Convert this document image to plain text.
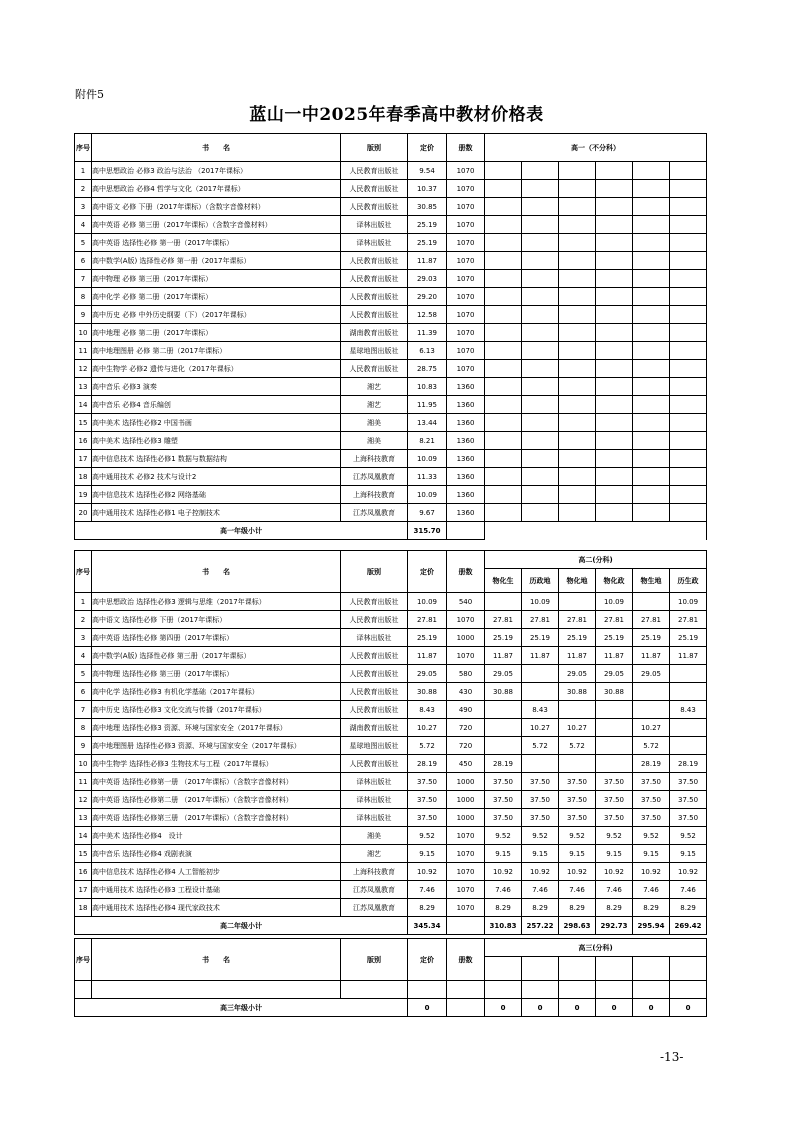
附件5
蓝山一中2025年春季高中教材价格表
序号	书　　名	版别	定价	册数	高一（不分科）					
1	高中思想政治 必修3 政治与法治 （2017年课标）	人民教育出版社	9.54	1070						
2	高中思想政治 必修4 哲学与文化（2017年课标）	人民教育出版社	10.37	1070						
3	高中语文 必修 下册（2017年课标）（含数字音像材料）	人民教育出版社	30.85	1070						
4	高中英语 必修 第三册（2017年课标）（含数字音像材料）	译林出版社	25.19	1070						
5	高中英语 选择性必修 第一册（2017年课标）	译林出版社	25.19	1070						
6	高中数学(A版) 选择性必修 第一册（2017年课标）	人民教育出版社	11.87	1070						
7	高中物理 必修 第三册（2017年课标）	人民教育出版社	29.03	1070						
8	高中化学 必修 第二册（2017年课标）	人民教育出版社	29.20	1070						
9	高中历史 必修 中外历史纲要（下）（2017年课标）	人民教育出版社	12.58	1070						
10	高中地理 必修 第二册（2017年课标）	湖南教育出版社	11.39	1070						
11	高中地理图册 必修 第二册（2017年课标）	星球地图出版社	6.13	1070						
12	高中生物学 必修2 遗传与进化（2017年课标）	人民教育出版社	28.75	1070						
13	高中音乐 必修3 演奏	湘艺	10.83	1360						
14	高中音乐 必修4 音乐编创	湘艺	11.95	1360						
15	高中美术 选择性必修2 中国书画	湘美	13.44	1360						
16	高中美术 选择性必修3 雕塑	湘美	8.21	1360						
17	高中信息技术 选择性必修1 数据与数据结构	上海科技教育	10.09	1360						
18	高中通用技术 必修2 技术与设计2	江苏凤凰教育	11.33	1360						
19	高中信息技术 选择性必修2 网络基础	上海科技教育	10.09	1360						
20	高中通用技术 选择性必修1 电子控制技术	江苏凤凰教育	9.67	1360						
高一年级小计			315.70							
序号	书　　名	版别	定价	册数	高二(分科)					
					物化生	历政地	物化地	物化政	物生地	历生政
1	高中思想政治 选择性必修3 逻辑与思维（2017年课标）	人民教育出版社	10.09	540		10.09		10.09		10.09
2	高中语文 选择性必修 下册（2017年课标）	人民教育出版社	27.81	1070	27.81	27.81	27.81	27.81	27.81	27.81
3	高中英语 选择性必修 第四册（2017年课标）	译林出版社	25.19	1000	25.19	25.19	25.19	25.19	25.19	25.19
4	高中数学(A版) 选择性必修 第三册（2017年课标）	人民教育出版社	11.87	1070	11.87	11.87	11.87	11.87	11.87	11.87
5	高中物理 选择性必修 第三册（2017年课标）	人民教育出版社	29.05	580	29.05		29.05	29.05	29.05	
6	高中化学 选择性必修3 有机化学基础（2017年课标）	人民教育出版社	30.88	430	30.88		30.88	30.88		
7	高中历史 选择性必修3 文化交流与传播（2017年课标）	人民教育出版社	8.43	490		8.43				8.43
8	高中地理 选择性必修3 资源、环境与国家安全（2017年课标）	湖南教育出版社	10.27	720		10.27	10.27		10.27	
9	高中地理图册 选择性必修3 资源、环境与国家安全（2017年课标）	星球地图出版社	5.72	720		5.72	5.72		5.72	
10	高中生物学 选择性必修3 生物技术与工程（2017年课标）	人民教育出版社	28.19	450	28.19				28.19	28.19
11	高中英语 选择性必修第一册 （2017年课标）（含数字音像材料）	译林出版社	37.50	1000	37.50	37.50	37.50	37.50	37.50	37.50
12	高中英语 选择性必修第二册 （2017年课标）（含数字音像材料）	译林出版社	37.50	1000	37.50	37.50	37.50	37.50	37.50	37.50
13	高中英语 选择性必修第三册 （2017年课标）（含数字音像材料）	译林出版社	37.50	1000	37.50	37.50	37.50	37.50	37.50	37.50
14	高中美术 选择性必修4　设计	湘美	9.52	1070	9.52	9.52	9.52	9.52	9.52	9.52
15	高中音乐 选择性必修4 戏剧表演	湘艺	9.15	1070	9.15	9.15	9.15	9.15	9.15	9.15
16	高中信息技术 选择性必修4 人工智能初步	上海科技教育	10.92	1070	10.92	10.92	10.92	10.92	10.92	10.92
17	高中通用技术 选择性必修3 工程设计基础	江苏凤凰教育	7.46	1070	7.46	7.46	7.46	7.46	7.46	7.46
18	高中通用技术 选择性必修4 现代家政技术	江苏凤凰教育	8.29	1070	8.29	8.29	8.29	8.29	8.29	8.29
高二年级小计			345.34		310.83	257.22	298.63	292.73	295.94	269.42
序号	书　　名	版别	定价	册数	高三(分科)					

高三年级小计			0		0	0	0	0	0	0
-13-
